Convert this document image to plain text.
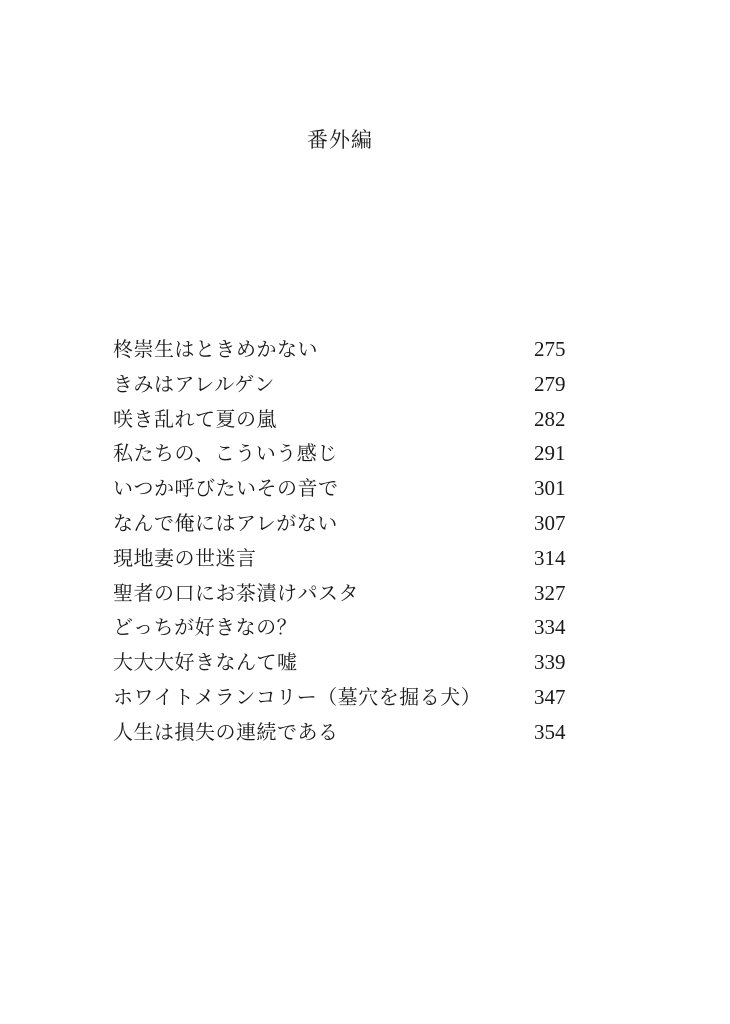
番外編
柊崇生はときめかない	275
きみはアレルゲン	279
咲き乱れて夏の嵐	282
私たちの、こういう感じ	291
いつか呼びたいその音で	301
なんで俺にはアレがない	307
現地妻の世迷言	314
聖者の口にお茶漬けパスタ	327
どっちが好きなの？	334
大大大好きなんて嘘	339
ホワイトメランコリー（墓穴を掘る犬）	347
人生は損失の連続である	354
